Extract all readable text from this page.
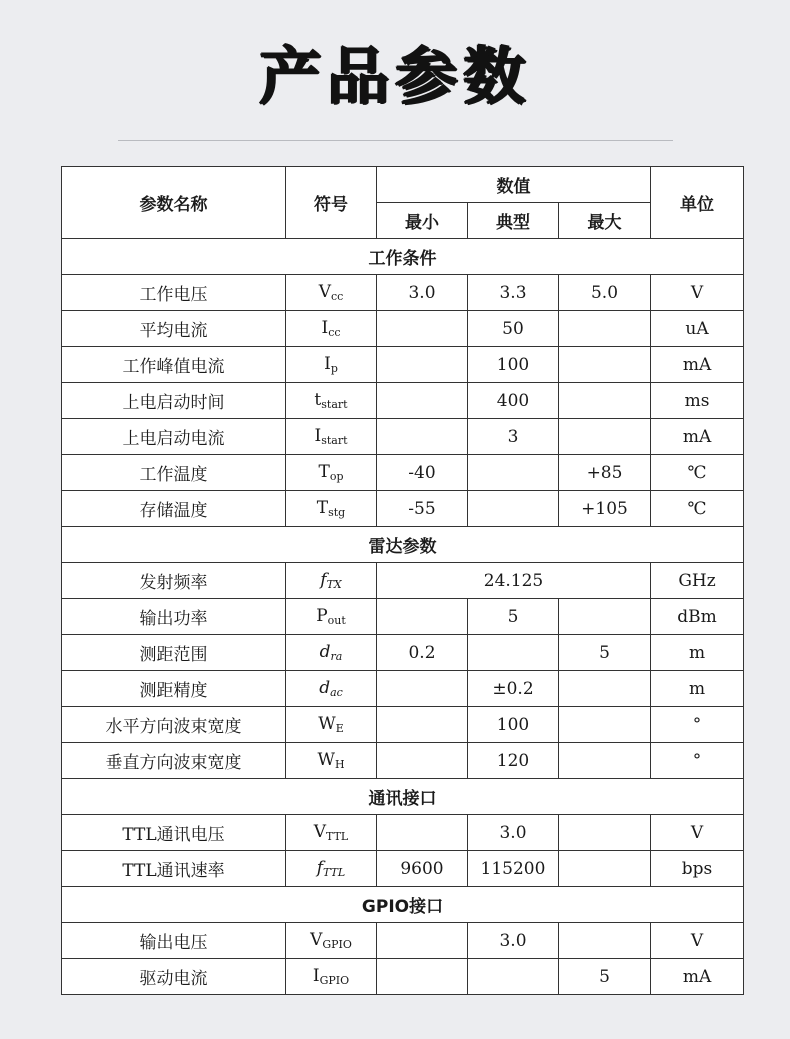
产品参数
参数名称	符号	数值			单位
		最小	典型	最大	
工作条件					
工作电压	Vcc	3.0	3.3	5.0	V
平均电流	Icc		50		uA
工作峰值电流	Ip		100		mA
上电启动时间	tstart		400		ms
上电启动电流	Istart		3		mA
工作温度	Top	-40		+85	℃
存储温度	Tstg	-55		+105	℃
雷达参数					
发射频率	fTX	24.125			GHz
输出功率	Pout		5		dBm
测距范围	dra	0.2		5	m
测距精度	dac		±0.2		m
水平方向波束宽度	WE		100		°
垂直方向波束宽度	WH		120		°
通讯接口					
TTL通讯电压	VTTL		3.0		V
TTL通讯速率	fTTL	9600	115200		bps
GPIO接口					
输出电压	VGPIO		3.0		V
驱动电流	IGPIO			5	mA
